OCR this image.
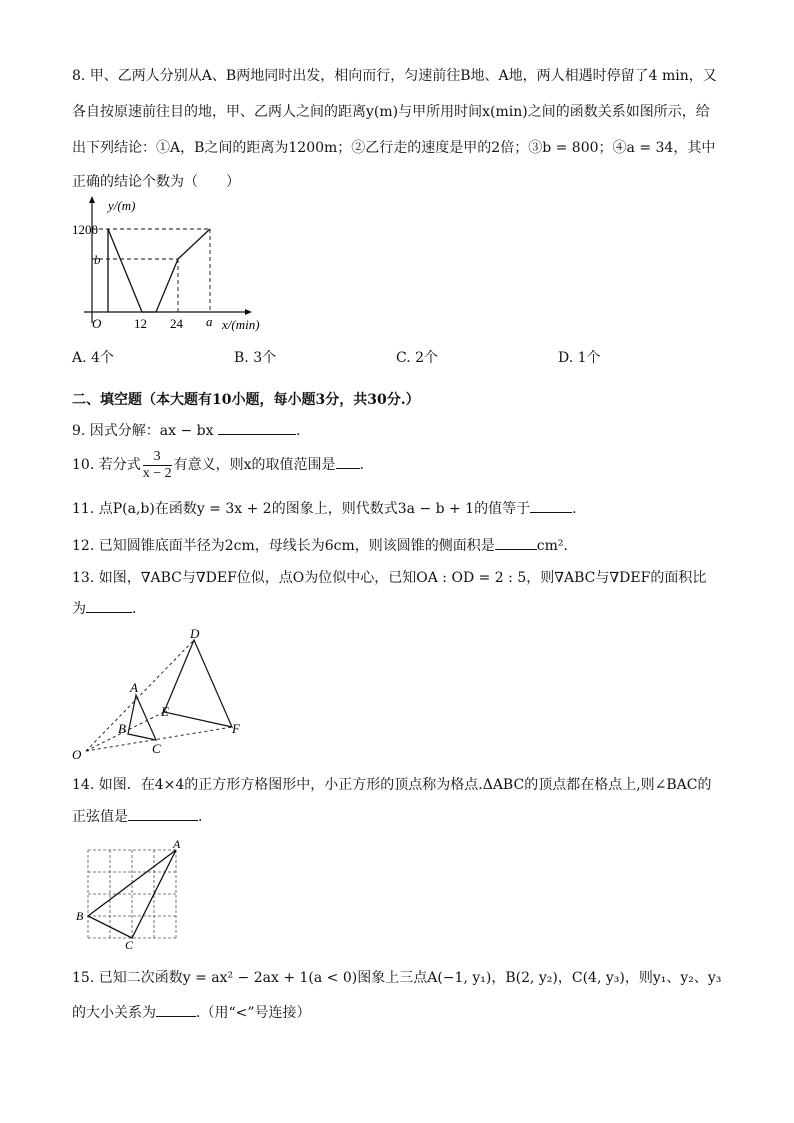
8. 甲、乙两人分别从A、B两地同时出发，相向而行，匀速前往B地、A地，两人相遇时停留了4 min，又
各自按原速前往目的地，甲、乙两人之间的距离y(m)与甲所用时间x(min)之间的函数关系如图所示，给
出下列结论：①A，B之间的距离为1200m；②乙行走的速度是甲的2倍；③b = 800；④a = 34，其中
正确的结论个数为（　　）
y/(m)
1200
b
O	12 24 a x/(min)
A. 4个	B. 3个	C. 2个	D. 1个
二、填空题（本大题有10小题，每小题3分，共30分.）
9. 因式分解：ax − bx	.
10. 若分式 $\frac{3}{x - 2}$ 有意义，则x的取值范围是 .
11. 点P(a,b)在函数y = 3x + 2的图象上，则代数式3a − b + 1的值等于	.
12. 已知圆锥底面半径为2cm，母线长为6cm，则该圆锥的侧面积是	cm²．
13. 如图，∇ABC与∇DEF位似，点O为位似中心，已知OA : OD = 2 : 5，则∇ABC与∇DEF的面积比
为	.
D
A
E
B
C
F
O
14. 如图．在4×4的正方形方格图形中，小正方形的顶点称为格点.ΔABC的顶点都在格点上,则∠BAC的
正弦值是	.
A
B
C
15. 已知二次函数y = ax² − 2ax + 1(a < 0)图象上三点A(−1, y₁)，B(2, y₂)，C(4, y₃)，则y₁、y₂、y₃
的大小关系为	.（用“<”号连接）
